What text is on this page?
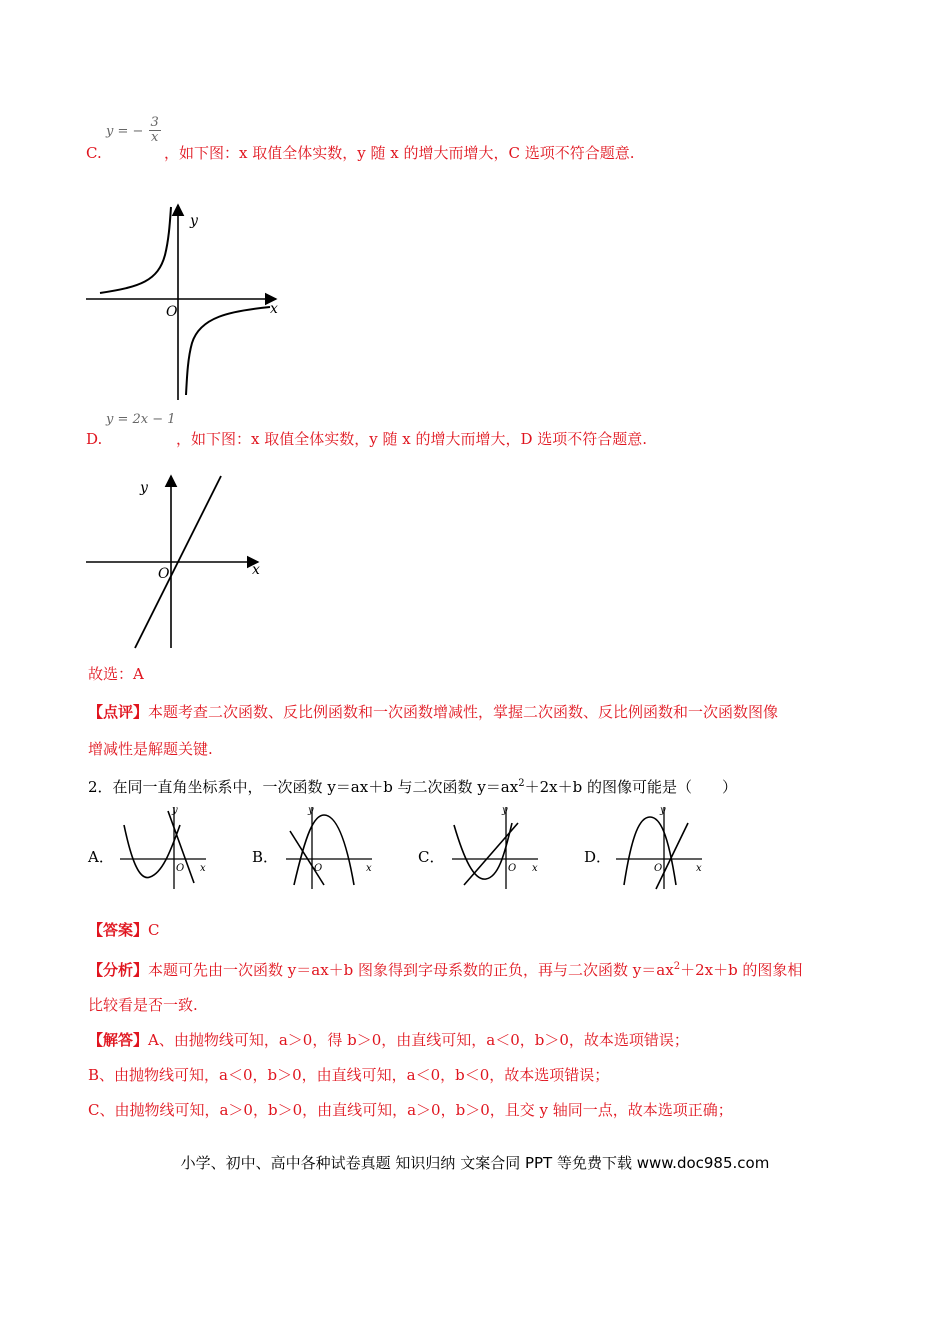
y = − $\frac{3}{x}$
C.	，如下图：x 取值全体实数，y 随 x 的增大而增大，C 选项不符合题意.
y
x
O
y = 2x − 1
D.	，如下图：x 取值全体实数，y 随 x 的增大而增大，D 选项不符合题意.
y
x
O
故选：A
【点评】本题考查二次函数、反比例函数和一次函数增减性，掌握二次函数、反比例函数和一次函数图像
增减性是解题关键.
2．在同一直角坐标系中，一次函数 y＝ax＋b 与二次函数 $y=ax^2+2x+b$ 的图像可能是（　　）
A．	B．	C．	D．
y
x
O
y
x
O
y
x
O
y
x
O
【答案】C
【分析】本题可先由一次函数 y＝ax＋b 图象得到字母系数的正负，再与二次函数 $y=ax^2+2x+b$ 的图象相
比较看是否一致.
【解答】A、由抛物线可知，a＞0，得 b＞0，由直线可知，a＜0，b＞0，故本选项错误；
B、由抛物线可知，a＜0，b＞0，由直线可知，a＜0，b＜0，故本选项错误；
C、由抛物线可知，a＞0，b＞0，由直线可知，a＞0，b＞0，且交 y 轴同一点，故本选项正确；
小学、初中、高中各种试卷真题 知识归纳 文案合同 PPT 等免费下载 www.doc985.com
